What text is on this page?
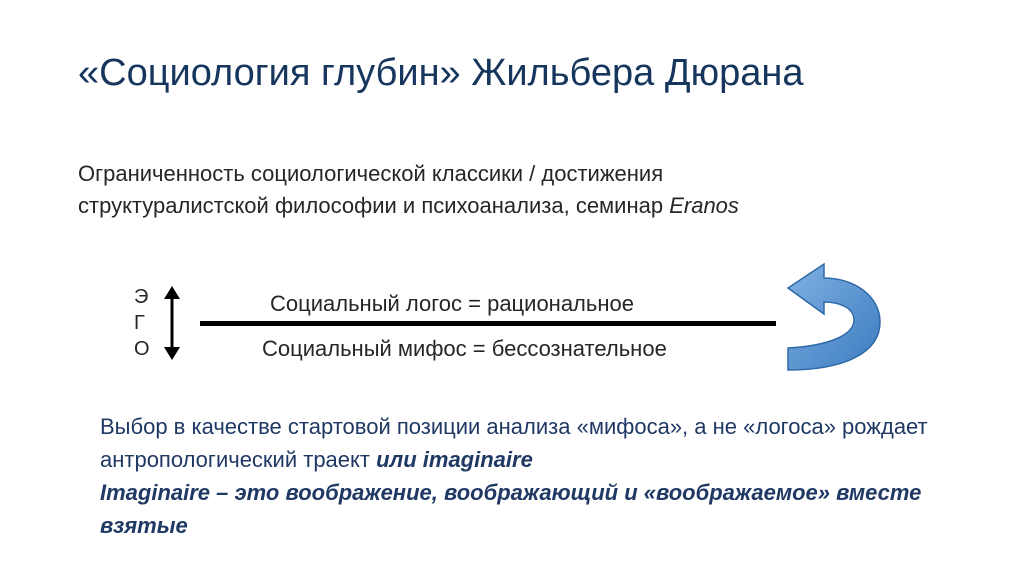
«Социология глубин» Жильбера Дюрана
Ограниченность социологической классики / достижения
структуралистской философии и психоанализа, семинар Eranos
Э
Г
О
Социальный логос = рациональное
Социальный мифос = бессознательное
Выбор в качестве стартовой позиции анализа «мифоса», а не «логоса» рождает антропологический траект или imaginaire
Imaginaire – это воображение, воображающий и «воображаемое» вместе взятые
